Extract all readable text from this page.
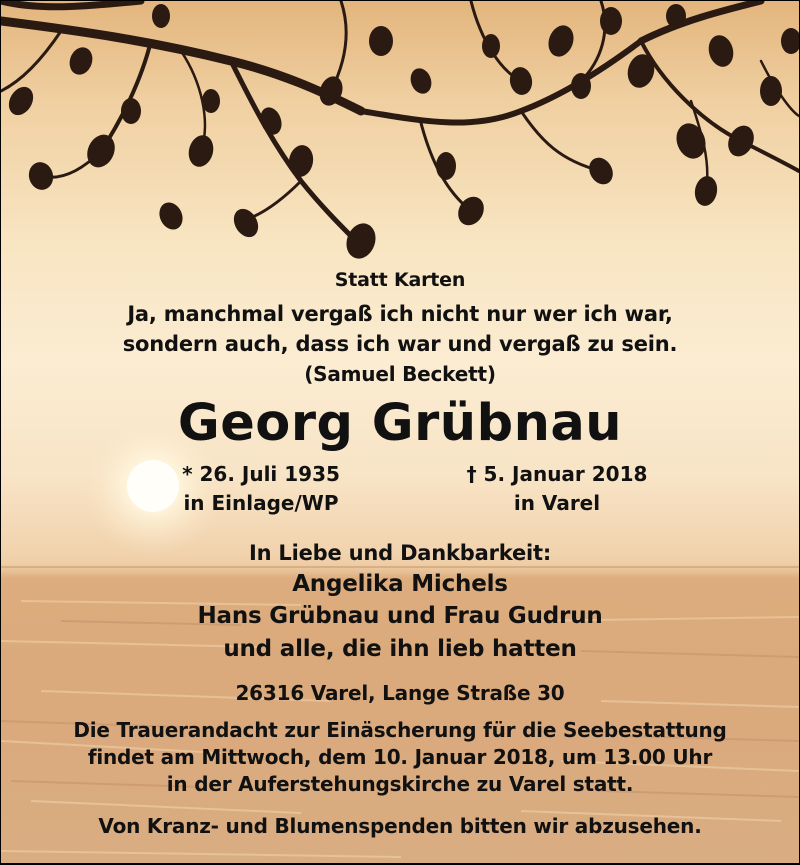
Statt Karten
Ja, manchmal vergaß ich nicht nur wer ich war,
sondern auch, dass ich war und vergaß zu sein.
(Samuel Beckett)
Georg Grübnau
* 26. Juli 1935
in Einlage/WP
† 5. Januar 2018
in Varel
In Liebe und Dankbarkeit:
Angelika Michels
Hans Grübnau und Frau Gudrun
und alle, die ihn lieb hatten
26316 Varel, Lange Straße 30
Die Trauerandacht zur Einäscherung für die Seebestattung
findet am Mittwoch, dem 10. Januar 2018, um 13.00 Uhr
in der Auferstehungskirche zu Varel statt.
Von Kranz- und Blumenspenden bitten wir abzusehen.
